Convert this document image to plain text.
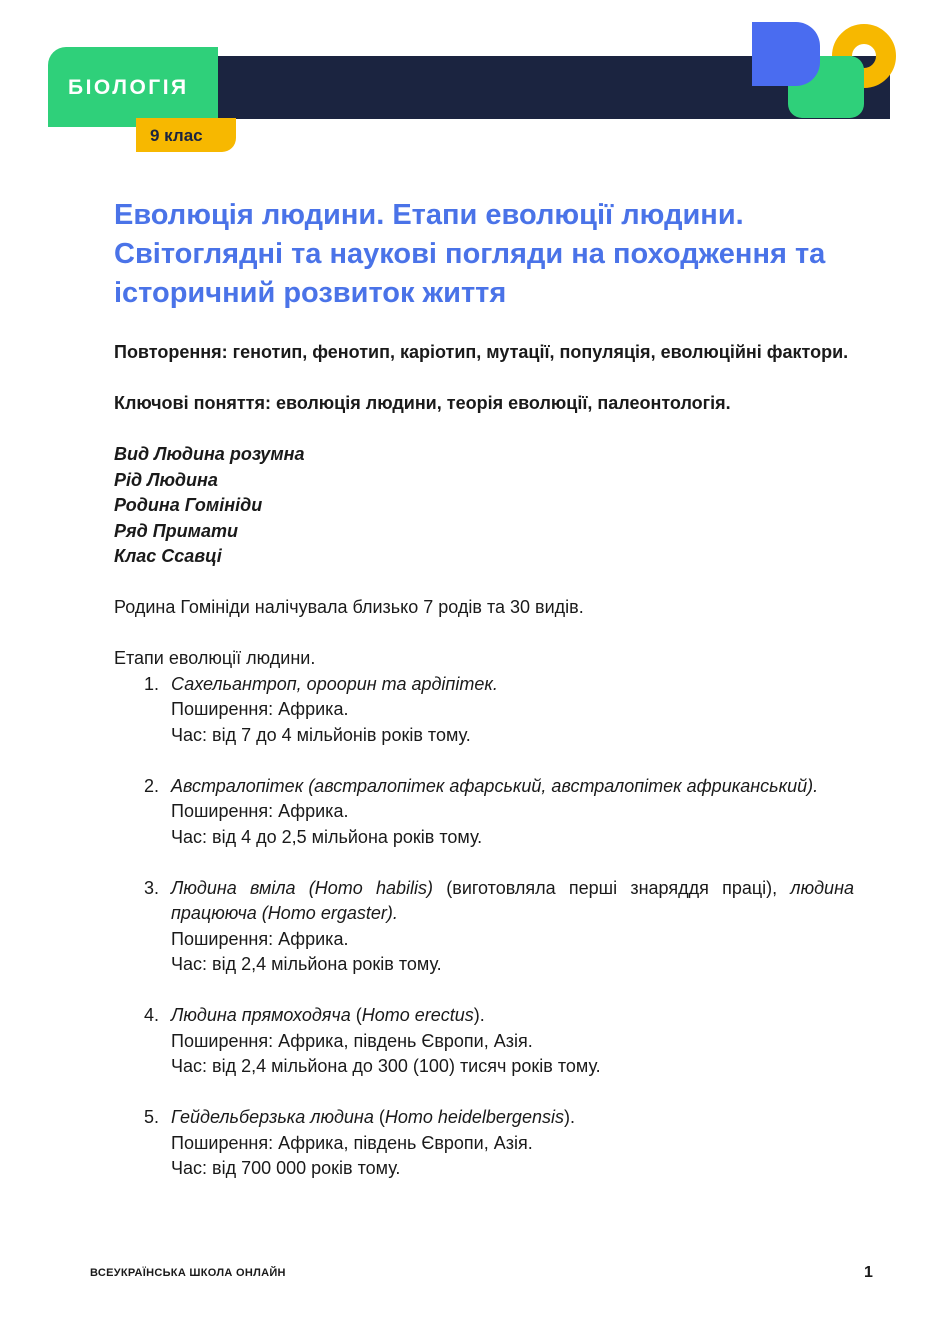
БІОЛОГІЯ
9 клас
Еволюція людини. Етапи еволюції людини. Світоглядні та наукові погляди на походження та історичний розвиток життя

Повторення: генотип, фенотип, каріотип, мутації, популяція, еволюційні фактори.

Ключові поняття: еволюція людини, теорія еволюції, палеонтологія.

Вид Людина розумна

Рід Людина

Родина Гомініди

Ряд Примати

Клас Ссавці

Родина Гомініди налічувала близько 7 родів та 30 видів.

Етапи еволюції людини.

1. Сахельантроп, ороорин та ардіпітек.

Поширення: Африка.

Час: від 7 до 4 мільйонів років тому.

2. Австралопітек (австралопітек афарський, австралопітек африканський).

Поширення: Африка.

Час: від 4 до 2,5 мільйона років тому.

3. Людина вміла (Homo habilis) (виготовляла перші знаряддя праці), людина працююча (Homo ergaster).

Поширення: Африка.

Час: від 2,4 мільйона років тому.

4. Людина прямоходяча (Homo erectus).

Поширення: Африка, південь Європи, Азія.

Час: від 2,4 мільйона до 300 (100) тисяч років тому.

5. Гейдельберзька людина (Homo heidelbergensis).

Поширення: Африка, південь Європи, Азія.

Час: від 700 000 років тому.

ВСЕУКРАЇНСЬКА ШКОЛА ОНЛАЙН	1
